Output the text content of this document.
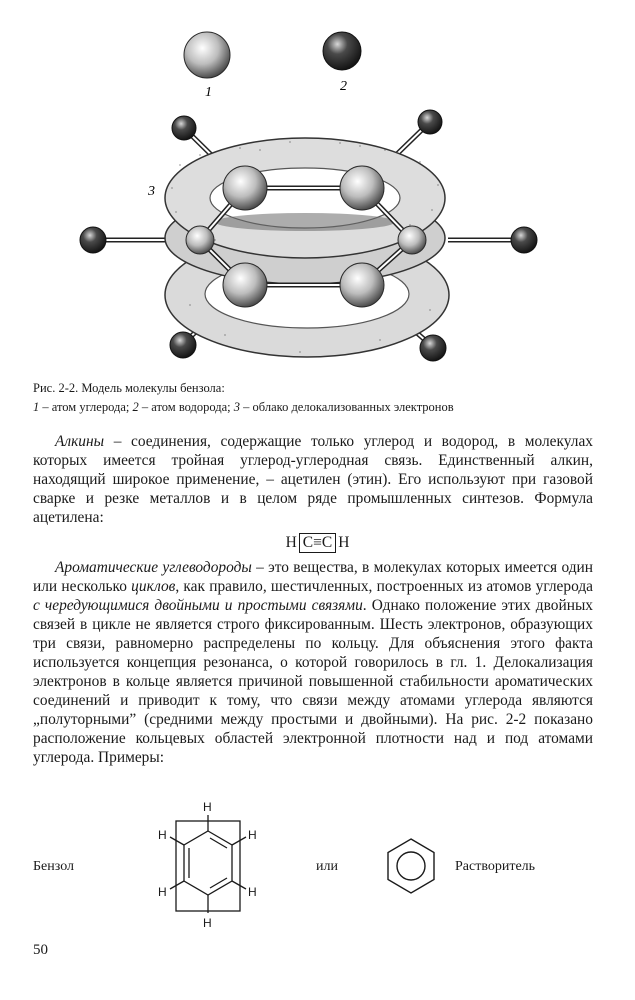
1	2
3
Рис. 2-2. Модель молекулы бензола:
1 – атом углерода; 2 – атом водорода; 3 – облако делокализованных электронов

Алкины – соединения, содержащие только углерод и водород, в молекулах которых имеется тройная углерод-углеродная связь. Единственный алкин, находящий широкое применение, – ацетилен (этин). Его используют при газовой сварке и резке металлов и в целом ряде промышленных синтезов. Формула ацетилена:

H C≡C H

Ароматические углеводороды – это вещества, в молекулах которых имеется один или несколько циклов, как правило, шестичленных, построенных из атомов углерода с чередующимися двойными и простыми связями. Однако положение этих двойных связей в цикле не является строго фиксированным. Шесть электронов, образующих три связи, равномерно распределены по кольцу. Для объяснения этого факта используется концепция резонанса, о которой говорилось в гл. 1. Делокализация электронов в кольце является причиной повышенной стабильности ароматических соединений и приводит к тому, что связи между атомами углерода являются „полуторными” (средними между простыми и двойными). На рис. 2-2 показано расположение кольцевых областей электронной плотности над и под атомами углерода. Примеры:

Бензол	или	Растворитель
H
H
H
H
H
H
50
